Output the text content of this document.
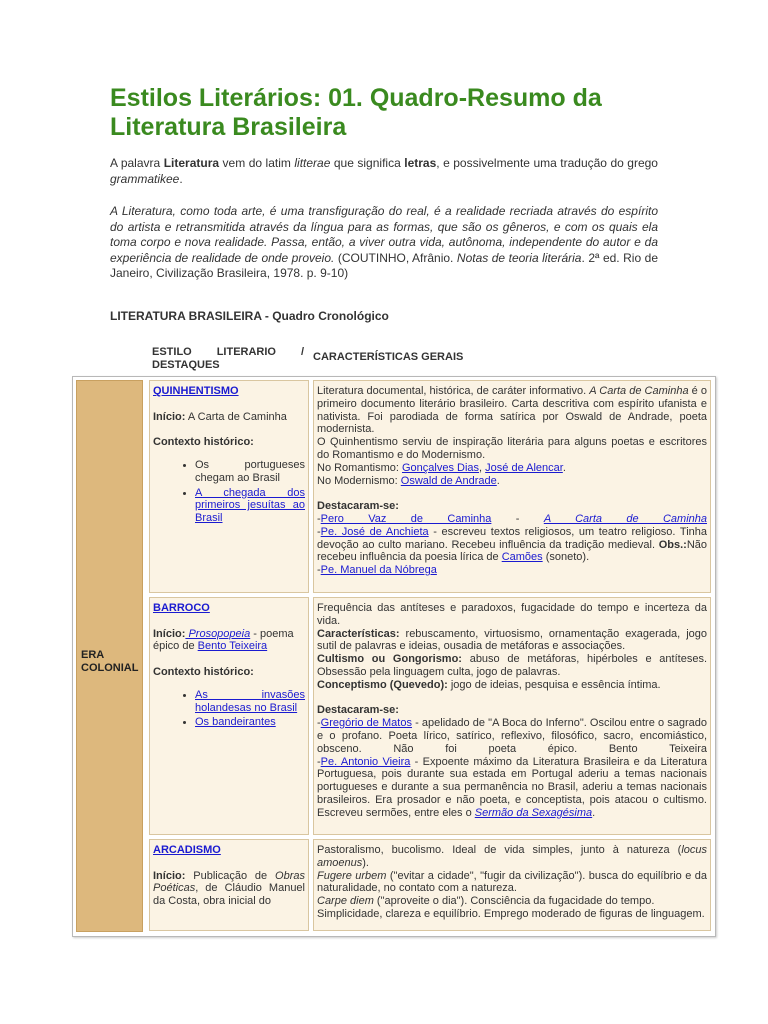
Estilos Literários: 01. Quadro-Resumo da Literatura Brasileira

A palavra Literatura vem do latim litterae que significa letras, e possivelmente uma tradução do grego grammatikee.

A Literatura, como toda arte, é uma transfiguração do real, é a realidade recriada através do espírito do artista e retransmitida através da língua para as formas, que são os gêneros, e com os quais ela toma corpo e nova realidade. Passa, então, a viver outra vida, autônoma, independente do autor e da experiência de realidade de onde proveio. (COUTINHO, Afrânio. Notas de teoria literária. 2ª ed. Rio de Janeiro, Civilização Brasileira, 1978. p. 9-10)

LITERATURA BRASILEIRA - Quadro Cronológico

ESTILO LITERARIO /
DESTAQUES

CARACTERÍSTICAS GERAIS

ERA COLONIAL
QUINHENTISMO
Início: A Carta de Caminha
Contexto histórico:
• Os portugueses chegam ao Brasil
• A chegada dos primeiros jesuítas ao Brasil
Literatura documental, histórica, de caráter informativo. A Carta de Caminha é o primeiro documento literário brasileiro. Carta descritiva com espírito ufanista e nativista. Foi parodiada de forma satírica por Oswald de Andrade, poeta modernista.
O Quinhentismo serviu de inspiração literária para alguns poetas e escritores do Romantismo e do Modernismo.
No Romantismo: Gonçalves Dias, José de Alencar.
No Modernismo: Oswald de Andrade.
Destacaram-se:
-Pero Vaz de Caminha - A Carta de Caminha
-Pe. José de Anchieta - escreveu textos religiosos, um teatro religioso. Tinha devoção ao culto mariano. Recebeu influência da tradição medieval. Obs.:Não recebeu influência da poesia lírica de Camões (soneto).
-Pe. Manuel da Nóbrega
BARROCO
Início: Prosopopeia - poema épico de Bento Teixeira
Contexto histórico:
• As invasões holandesas no Brasil
• Os bandeirantes
Frequência das antíteses e paradoxos, fugacidade do tempo e incerteza da vida.
Características: rebuscamento, virtuosismo, ornamentação exagerada, jogo sutil de palavras e ideias, ousadia de metáforas e associações.
Cultismo ou Gongorismo: abuso de metáforas, hipérboles e antíteses. Obsessão pela linguagem culta, jogo de palavras.
Conceptismo (Quevedo): jogo de ideias, pesquisa e essência íntima.
Destacaram-se:
-Gregório de Matos - apelidado de "A Boca do Inferno". Oscilou entre o sagrado e o profano. Poeta lírico, satírico, reflexivo, filosófico, sacro, encomiástico, obsceno. Não foi poeta épico. Bento Teixeira
-Pe. Antonio Vieira - Expoente máximo da Literatura Brasileira e da Literatura Portuguesa, pois durante sua estada em Portugal aderiu a temas nacionais portugueses e durante a sua permanência no Brasil, aderiu a temas nacionais brasileiros. Era prosador e não poeta, e conceptista, pois atacou o cultismo. Escreveu sermões, entre eles o Sermão da Sexagésima.
ARCADISMO
Início: Publicação de Obras Poéticas, de Cláudio Manuel da Costa, obra inicial do
Pastoralismo, bucolismo. Ideal de vida simples, junto à natureza (locus amoenus).
Fugere urbem ("evitar a cidade", "fugir da civilização"). busca do equilíbrio e da naturalidade, no contato com a natureza.
Carpe diem ("aproveite o dia"). Consciência da fugacidade do tempo.
Simplicidade, clareza e equilíbrio. Emprego moderado de figuras de linguagem.
